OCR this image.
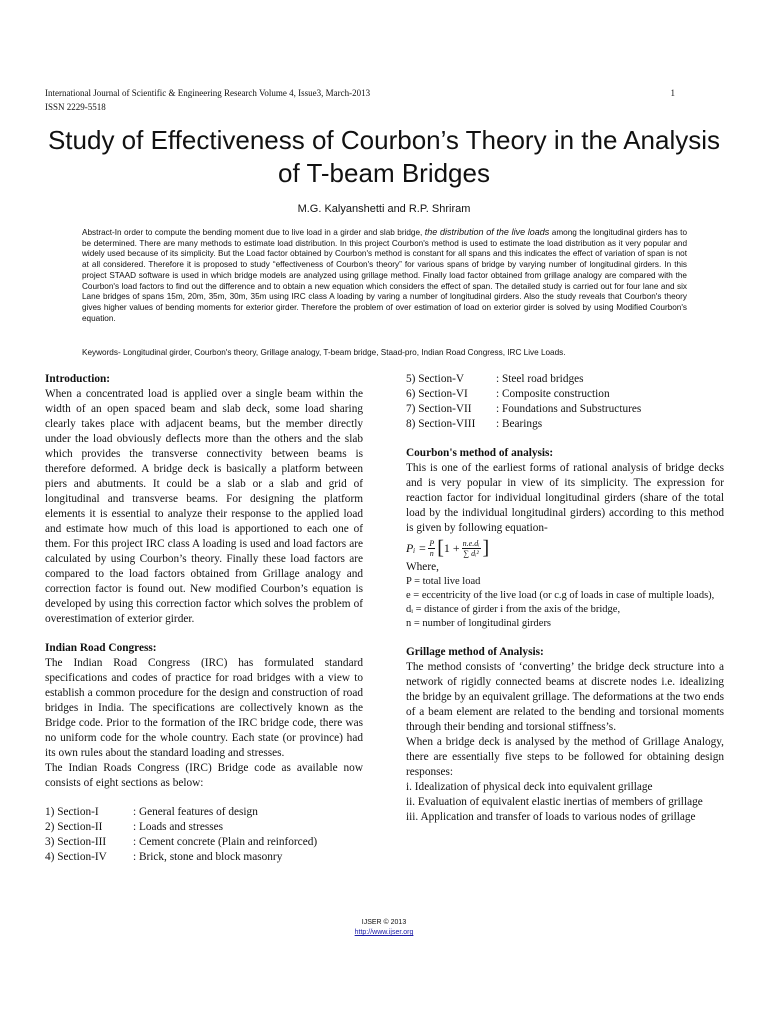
International Journal of Scientific & Engineering Research Volume 4, Issue3, March-2013
ISSN 2229-5518
1
Study of Effectiveness of Courbon’s Theory in the Analysis of T-beam Bridges
M.G. Kalyanshetti and R.P. Shriram

Abstract-In order to compute the bending moment due to live load in a girder and slab bridge, the distribution of the live loads among the longitudinal girders has to be determined. There are many methods to estimate load distribution. In this project Courbon's method is used to estimate the load distribution as it very popular and widely used because of its simplicity. But the Load factor obtained by Courbon's method is constant for all spans and this indicates the effect of variation of span is not at all considered. Therefore it is proposed to study “effectiveness of Courbon's theory” for various spans of bridge by varying number of longitudinal girders. In this project STAAD software is used in which bridge models are analyzed using grillage method. Finally load factor obtained from grillage analogy are compared with the Courbon's load factors to find out the difference and to obtain a new equation which considers the effect of span. The detailed study is carried out for four lane and six Lane bridges of spans 15m, 20m, 35m, 30m, 35m using IRC class A loading by varing a number of longitudinal girders. Also the study reveals that Courbon's theory gives higher values of bending moments for exterior girder. Therefore the problem of over estimation of load on exterior girder is solved by using Modified Courbon's equation.

Keywords- Longitudinal girder, Courbon's theory, Grillage analogy, T-beam bridge, Staad-pro, Indian Road Congress, IRC Live Loads.

Introduction:

When a concentrated load is applied over a single beam within the width of an open spaced beam and slab deck, some load sharing clearly takes place with adjacent beams, but the member directly under the load obviously deflects more than the others and the slab which provides the transverse connectivity between beams is therefore deformed. A bridge deck is basically a platform between piers and abutments. It could be a slab or a slab and grid of longitudinal and transverse beams. For designing the platform elements it is essential to analyze their response to the applied load and estimate how much of this load is apportioned to each one of them. For this project IRC class A loading is used and load factors are calculated by using Courbon’s theory. Finally these load factors are compared to the load factors obtained from Grillage analogy and correction factor is found out. New modified Courbon’s equation is developed by using this correction factor which solves the problem of overestimation of exterior girder.

Indian Road Congress:

The Indian Road Congress (IRC) has formulated standard specifications and codes of practice for road bridges with a view to establish a common procedure for the design and construction of road bridges in India. The specifications are collectively known as the Bridge code. Prior to the formation of the IRC bridge code, there was no uniform code for the whole country. Each state (or province) had its own rules about the standard loading and stresses.

The Indian Roads Congress (IRC) Bridge code as available now consists of eight sections as below:

1) Section-I	: General features of design
2) Section-II	: Loads and stresses
3) Section-III	: Cement concrete (Plain and reinforced)
4) Section-IV	: Brick, stone and block masonry
5) Section-V	: Steel road bridges
6) Section-VI	: Composite construction
7) Section-VII	: Foundations and Substructures
8) Section-VIII	: Bearings

Courbon's method of analysis:

This is one of the earliest forms of rational analysis of bridge decks and is very popular in view of its simplicity. The expression for reaction factor for individual longitudinal girders (share of the total load by the individual longitudinal girders) according to this method is given by following equation-

Pᵢ = $\frac{P}{n}$ [ $1 + \frac{\text{n.e.dᵢ}}{\text{∑ dᵢ²}}$ ]

Where,

P = total live load
e = eccentricity of the live load (or c.g of loads in case of multiple loads),
dᵢ = distance of girder i from the axis of the bridge,
n = number of longitudinal girders

Grillage method of Analysis:

The method consists of ‘converting’ the bridge deck structure into a network of rigidly connected beams at discrete nodes i.e. idealizing the bridge by an equivalent grillage. The deformations at the two ends of a beam element are related to the bending and torsional moments through their bending and torsional stiffness’s.

When a bridge deck is analysed by the method of Grillage Analogy, there are essentially five steps to be followed for obtaining design responses:

i. Idealization of physical deck into equivalent grillage

ii. Evaluation of equivalent elastic inertias of members of grillage

iii. Application and transfer of loads to various nodes of grillage

IJSER © 2013
http://www.ijser.org
